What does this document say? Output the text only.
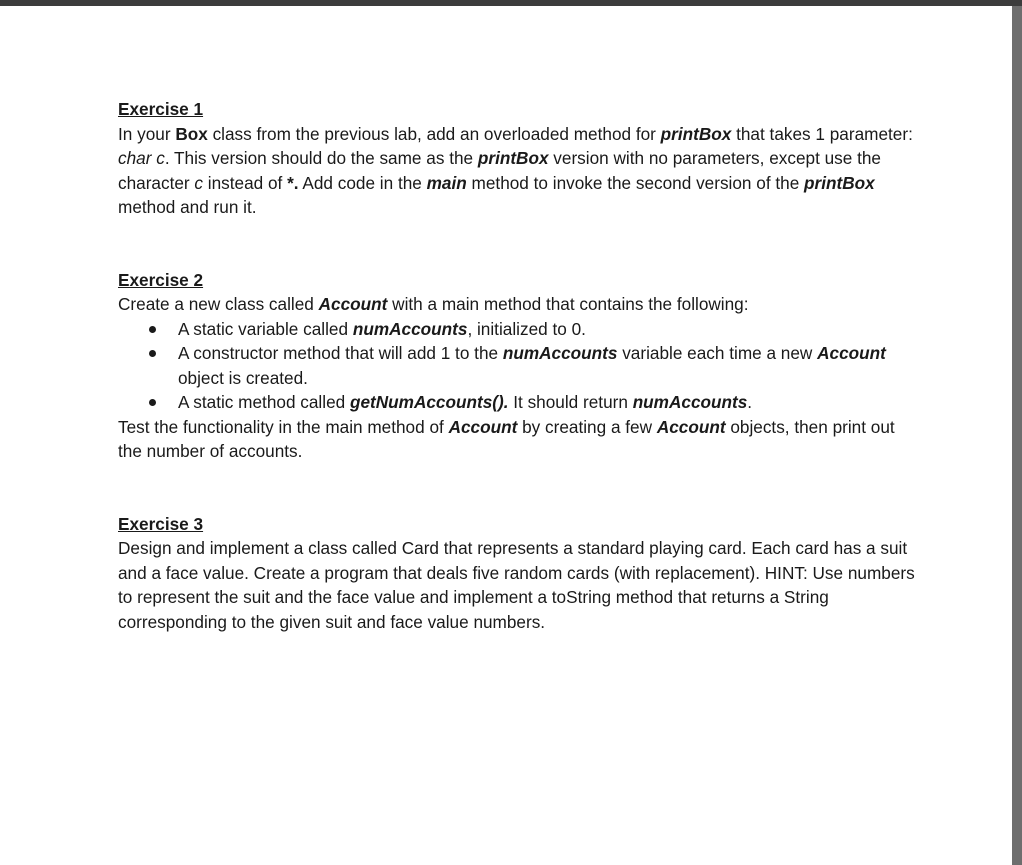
Exercise 1

In your Box class from the previous lab, add an overloaded method for printBox that takes 1 parameter: char c. This version should do the same as the printBox version with no parameters, except use the character c instead of *. Add code in the main method to invoke the second version of the printBox method and run it.

Exercise 2

Create a new class called Account with a main method that contains the following:

A static variable called numAccounts, initialized to 0.
A constructor method that will add 1 to the numAccounts variable each time a new Account object is created.
A static method called getNumAccounts(). It should return numAccounts.

Test the functionality in the main method of Account by creating a few Account objects, then print out the number of accounts.

Exercise 3

Design and implement a class called Card that represents a standard playing card. Each card has a suit and a face value. Create a program that deals five random cards (with replacement). HINT: Use numbers to represent the suit and the face value and implement a toString method that returns a String corresponding to the given suit and face value numbers.
